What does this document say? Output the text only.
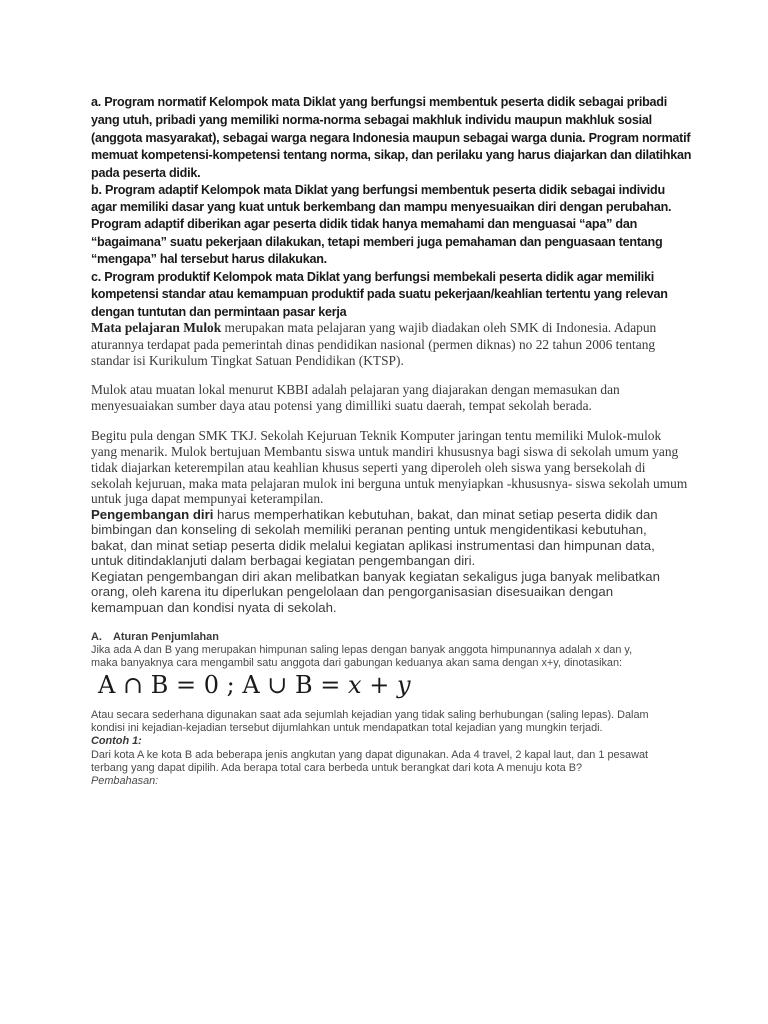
a. Program normatif Kelompok mata Diklat yang berfungsi membentuk peserta didik sebagai pribadi
yang utuh, pribadi yang memiliki norma-norma sebagai makhluk individu maupun makhluk sosial
(anggota masyarakat), sebagai warga negara Indonesia maupun sebagai warga dunia. Program normatif
memuat kompetensi-kompetensi tentang norma, sikap, dan perilaku yang harus diajarkan dan dilatihkan
pada peserta didik.
b. Program adaptif Kelompok mata Diklat yang berfungsi membentuk peserta didik sebagai individu
agar memiliki dasar yang kuat untuk berkembang dan mampu menyesuaikan diri dengan perubahan.
Program adaptif diberikan agar peserta didik tidak hanya memahami dan menguasai “apa” dan
“bagaimana” suatu pekerjaan dilakukan, tetapi memberi juga pemahaman dan penguasaan tentang
“mengapa” hal tersebut harus dilakukan.
c. Program produktif Kelompok mata Diklat yang berfungsi membekali peserta didik agar memiliki
kompetensi standar atau kemampuan produktif pada suatu pekerjaan/keahlian tertentu yang relevan
dengan tuntutan dan permintaan pasar kerja
Mata pelajaran Mulok merupakan mata pelajaran yang wajib diadakan oleh SMK di Indonesia. Adapun
aturannya terdapat pada pemerintah dinas pendidikan nasional (permen diknas) no 22 tahun 2006 tentang
standar isi Kurikulum Tingkat Satuan Pendidikan (KTSP).
Mulok atau muatan lokal menurut KBBI adalah pelajaran yang diajarakan dengan memasukan dan
menyesuaiakan sumber daya atau potensi yang dimilliki suatu daerah, tempat sekolah berada.
Begitu pula dengan SMK TKJ. Sekolah Kejuruan Teknik Komputer jaringan tentu memiliki Mulok-mulok
yang menarik. Mulok bertujuan Membantu siswa untuk mandiri khususnya bagi siswa di sekolah umum yang
tidak diajarkan keterempilan atau keahlian khusus seperti yang diperoleh oleh siswa yang bersekolah di
sekolah kejuruan, maka mata pelajaran mulok ini berguna untuk menyiapkan -khususnya- siswa sekolah umum
untuk juga dapat mempunyai keterampilan.
Pengembangan diri harus memperhatikan kebutuhan, bakat, dan minat setiap peserta didik dan
bimbingan dan konseling di sekolah memiliki peranan penting untuk mengidentikasi kebutuhan,
bakat, dan minat setiap peserta didik melalui kegiatan aplikasi instrumentasi dan himpunan data,
untuk ditindaklanjuti dalam berbagai kegiatan pengembangan diri.
Kegiatan pengembangan diri akan melibatkan banyak kegiatan sekaligus juga banyak melibatkan
orang, oleh karena itu diperlukan pengelolaan dan pengorganisasian disesuaikan dengan
kemampuan dan kondisi nyata di sekolah.
A. Aturan Penjumlahan
Jika ada A dan B yang merupakan himpunan saling lepas dengan banyak anggota himpunannya adalah x dan y,
maka banyaknya cara mengambil satu anggota dari gabungan keduanya akan sama dengan x+y, dinotasikan:
A ∩ B = 0 ; A ∪ B = x + y
Atau secara sederhana digunakan saat ada sejumlah kejadian yang tidak saling berhubungan (saling lepas). Dalam
kondisi ini kejadian-kejadian tersebut dijumlahkan untuk mendapatkan total kejadian yang mungkin terjadi.
Contoh 1:
Dari kota A ke kota B ada beberapa jenis angkutan yang dapat digunakan. Ada 4 travel, 2 kapal laut, dan 1 pesawat
terbang yang dapat dipilih. Ada berapa total cara berbeda untuk berangkat dari kota A menuju kota B?
Pembahasan:
